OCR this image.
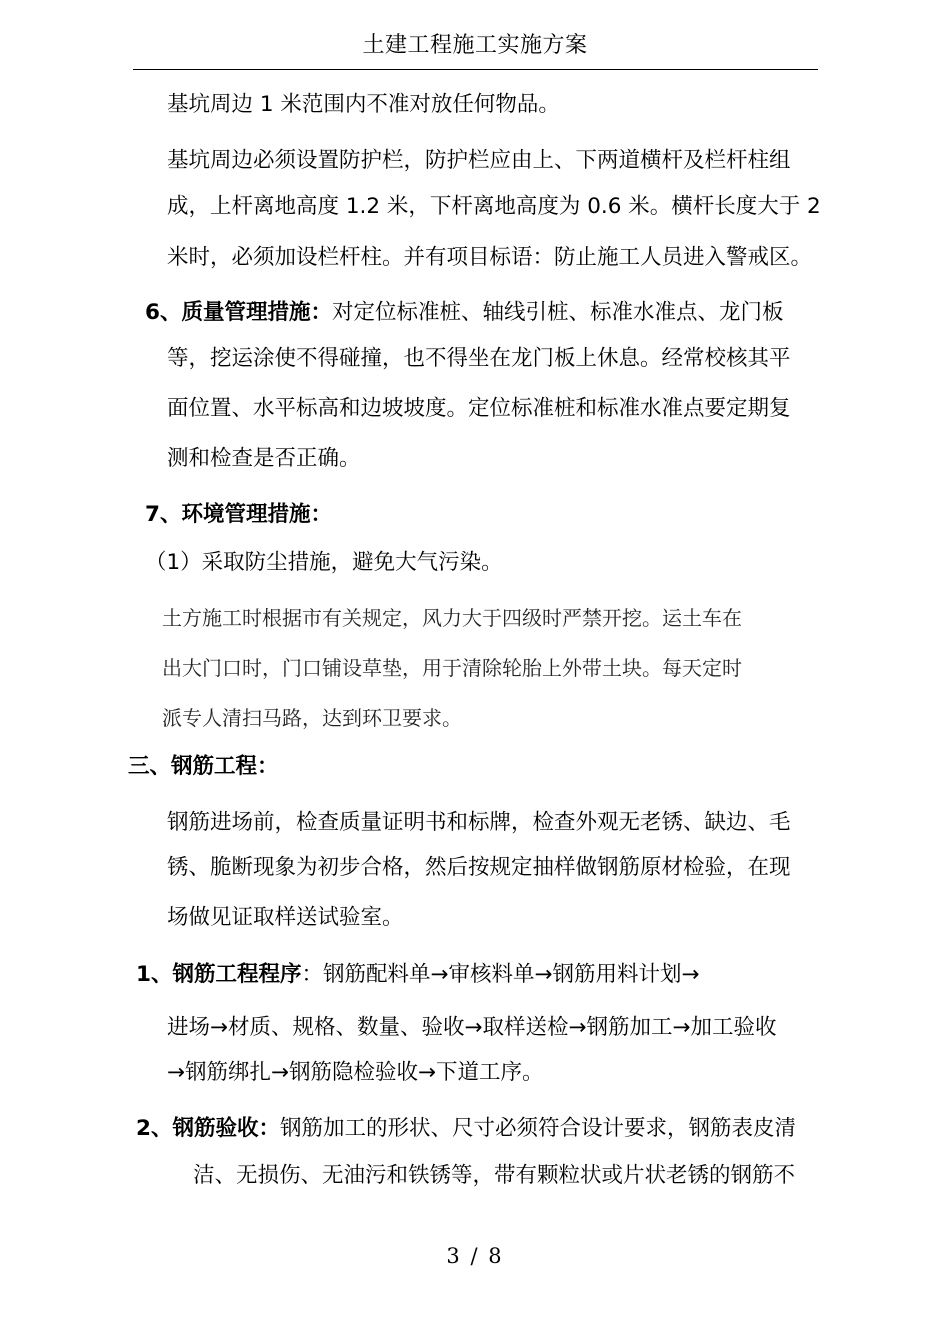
土建工程施工实施方案
基坑周边 1 米范围内不准对放任何物品。
基坑周边必须设置防护栏，防护栏应由上、下两道横杆及栏杆柱组
成，上杆离地高度 1.2 米，下杆离地高度为 0.6 米。横杆长度大于 2
米时，必须加设栏杆柱。并有项目标语：防止施工人员进入警戒区。
6、质量管理措施：对定位标准桩、轴线引桩、标准水准点、龙门板
等，挖运涂使不得碰撞，也不得坐在龙门板上休息。经常校核其平
面位置、水平标高和边坡坡度。定位标准桩和标准水准点要定期复
测和检查是否正确。
7、环境管理措施：
（1）采取防尘措施，避免大气污染。
土方施工时根据市有关规定，风力大于四级时严禁开挖。运土车在
出大门口时，门口铺设草垫，用于清除轮胎上外带土块。每天定时
派专人清扫马路，达到环卫要求。
三、钢筋工程：
钢筋进场前，检查质量证明书和标牌，检查外观无老锈、缺边、毛
锈、脆断现象为初步合格，然后按规定抽样做钢筋原材检验，在现
场做见证取样送试验室。
1、钢筋工程程序：钢筋配料单→审核料单→钢筋用料计划→
进场→材质、规格、数量、验收→取样送检→钢筋加工→加工验收
→钢筋绑扎→钢筋隐检验收→下道工序。
2、钢筋验收：钢筋加工的形状、尺寸必须符合设计要求，钢筋表皮清
洁、无损伤、无油污和铁锈等，带有颗粒状或片状老锈的钢筋不
3 / 8
